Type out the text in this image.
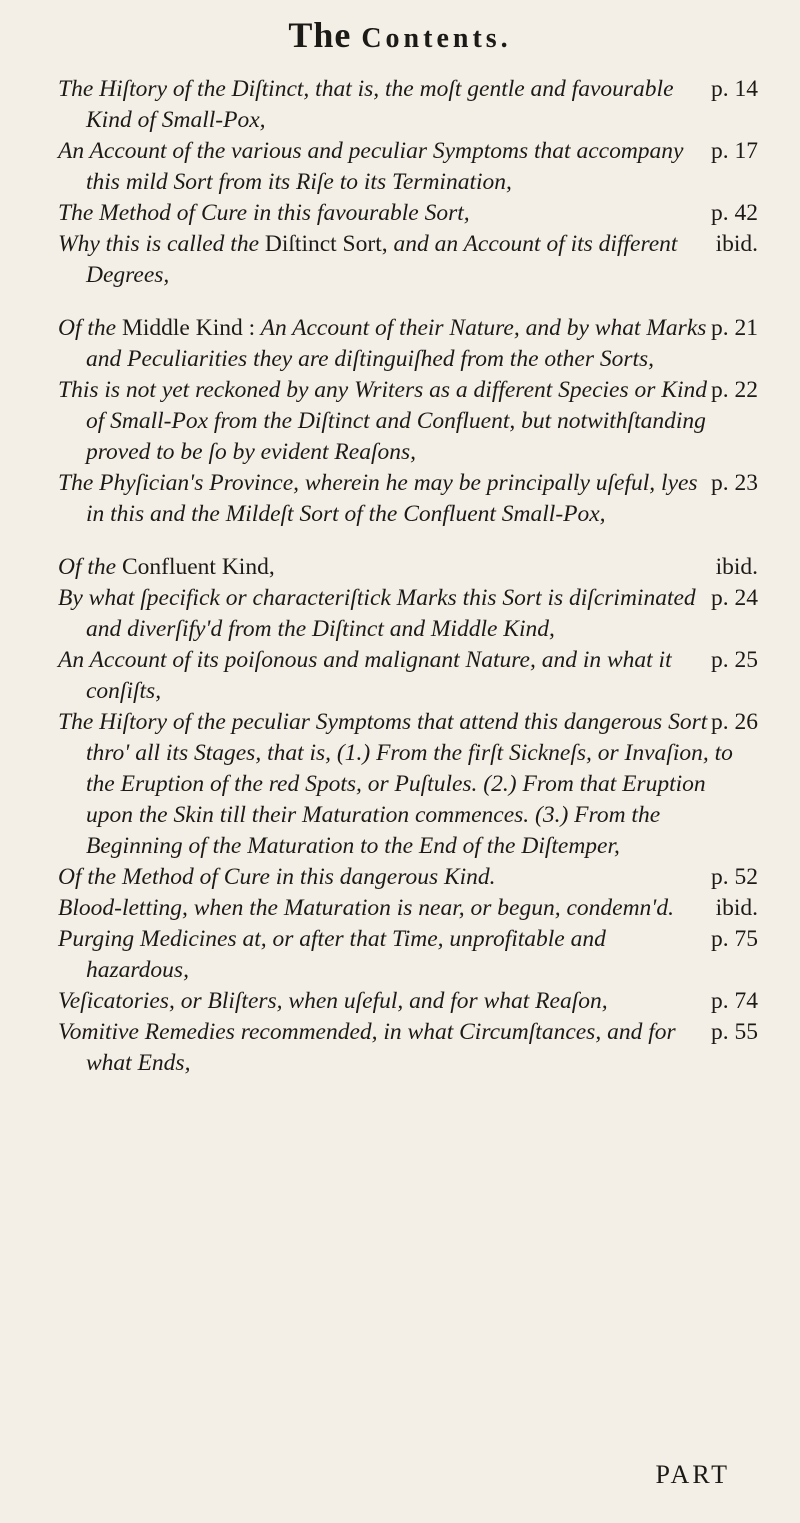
The Contents.

p. 14
The Hiſtory of the Diſtinct, that is, the moſt gentle and favourable Kind of Small-Pox,

p. 17
An Account of the various and peculiar Symptoms that accompany this mild Sort from its Riſe to its Termination,

p. 42
The Method of Cure in this favourable Sort,

ibid.
Why this is called the Diſtinct Sort, and an Account of its different Degrees,

p. 21
Of the Middle Kind : An Account of their Nature, and by what Marks and Peculiarities they are diſtinguiſhed from the other Sorts,

p. 22
This is not yet reckoned by any Writers as a different Species or Kind of Small-Pox from the Diſtinct and Confluent, but notwithſtanding proved to be ſo by evident Reaſons,

p. 23
The Phyſician's Province, wherein he may be principally uſeful, lyes in this and the Mildeſt Sort of the Confluent Small-Pox,

ibid.
Of the Confluent Kind,

p. 24
By what ſpecifick or characteriſtick Marks this Sort is diſcriminated and diverſify'd from the Diſtinct and Middle Kind,

p. 25
An Account of its poiſonous and malignant Nature, and in what it conſiſts,

p. 26
The Hiſtory of the peculiar Symptoms that attend this dangerous Sort thro' all its Stages, that is, (1.) From the firſt Sickneſs, or Invaſion, to the Eruption of the red Spots, or Puſtules. (2.) From that Eruption upon the Skin till their Maturation commences. (3.) From the Beginning of the Maturation to the End of the Diſtemper,

p. 52
Of the Method of Cure in this dangerous Kind.

ibid.
Blood-letting, when the Maturation is near, or begun, condemn'd.

p. 75
Purging Medicines at, or after that Time, unprofitable and hazardous,

p. 74
Veſicatories, or Bliſters, when uſeful, and for what Reaſon,

p. 55
Vomitive Remedies recommended, in what Circumſtances, and for what Ends,

PART
